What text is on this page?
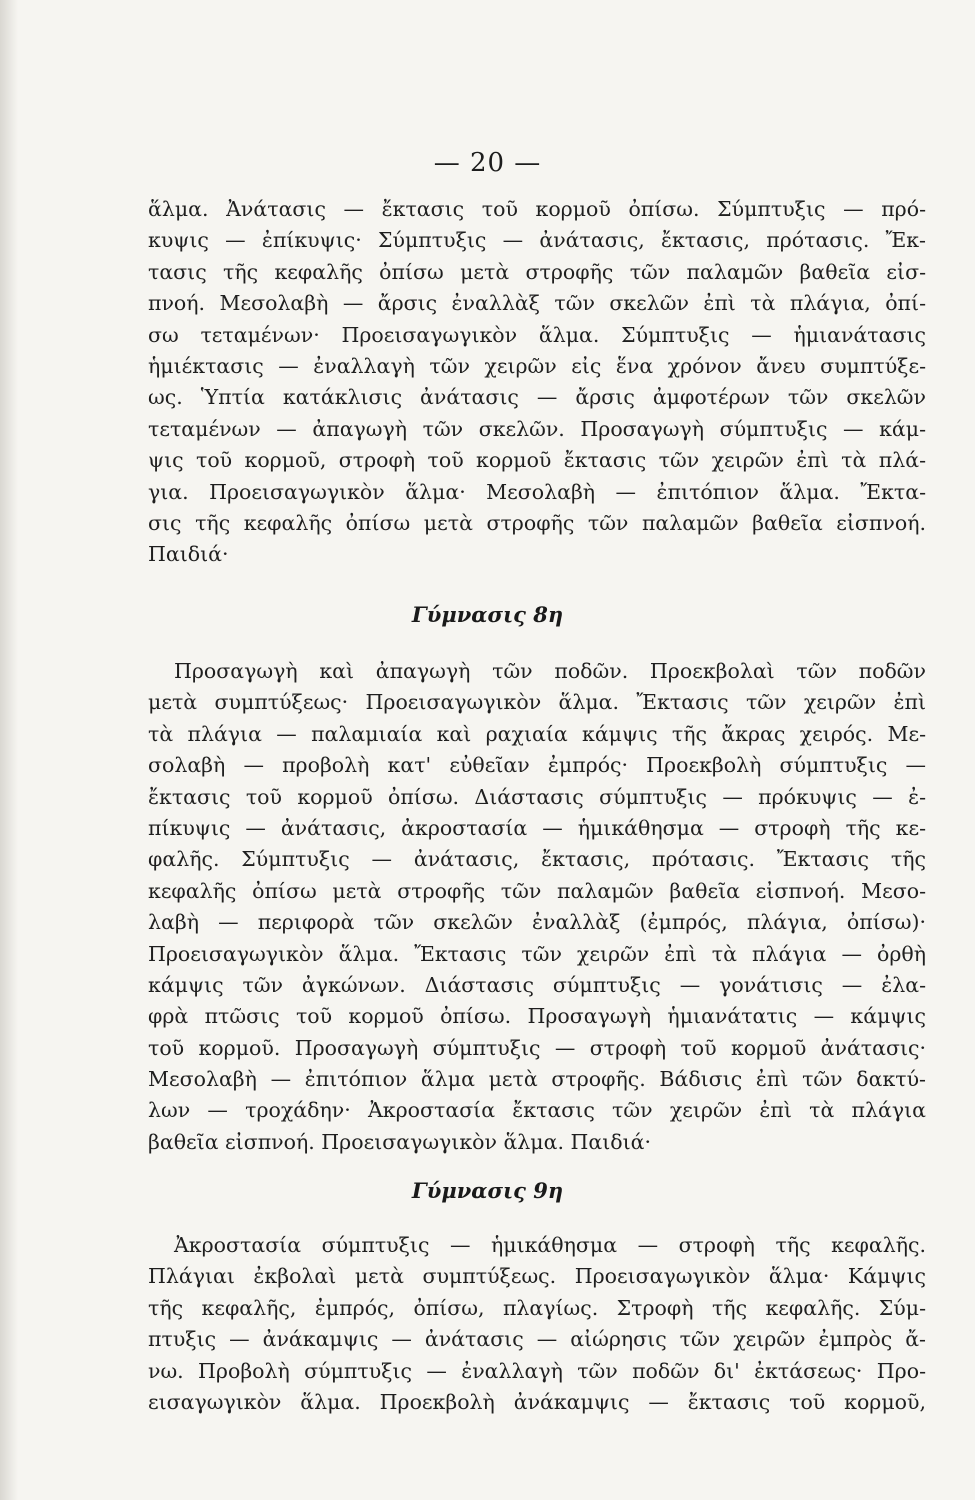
— 20 —
ἅλμα. Ἀνάτασις — ἔκτασις τοῦ κορμοῦ ὀπίσω. Σύμπτυξις — πρό-
κυψις — ἐπίκυψις· Σύμπτυξις — ἀνάτασις, ἔκτασις, πρότασις. Ἔκ-
τασις τῆς κεφαλῆς ὀπίσω μετὰ στροφῆς τῶν παλαμῶν βαθεῖα εἰσ-
πνοή. Μεσολαβὴ — ἄρσις ἐναλλὰξ τῶν σκελῶν ἐπὶ τὰ πλάγια, ὀπί-
σω τεταμένων· Προεισαγωγικὸν ἅλμα. Σύμπτυξις — ἡμιανάτασις
ἡμιέκτασις — ἐναλλαγὴ τῶν χειρῶν εἰς ἕνα χρόνον ἄνευ συμπτύξε-
ως. Ὑπτία κατάκλισις ἀνάτασις — ἄρσις ἀμφοτέρων τῶν σκελῶν
τεταμένων — ἀπαγωγὴ τῶν σκελῶν. Προσαγωγὴ σύμπτυξις — κάμ-
ψις τοῦ κορμοῦ, στροφὴ τοῦ κορμοῦ ἔκτασις τῶν χειρῶν ἐπὶ τὰ πλά-
για. Προεισαγωγικὸν ἅλμα· Μεσολαβὴ — ἐπιτόπιον ἅλμα. Ἔκτα-
σις τῆς κεφαλῆς ὀπίσω μετὰ στροφῆς τῶν παλαμῶν βαθεῖα εἰσπνοή.
Παιδιά·
Γύμνασις 8η
Προσαγωγὴ καὶ ἀπαγωγὴ τῶν ποδῶν. Προεκβολαὶ τῶν ποδῶν
μετὰ συμπτύξεως· Προεισαγωγικὸν ἅλμα. Ἔκτασις τῶν χειρῶν ἐπὶ
τὰ πλάγια — παλαμιαία καὶ ραχιαία κάμψις τῆς ἄκρας χειρός. Με-
σολαβὴ — προβολὴ κατ' εὐθεῖαν ἐμπρός· Προεκβολὴ σύμπτυξις —
ἔκτασις τοῦ κορμοῦ ὀπίσω. Διάστασις σύμπτυξις — πρόκυψις — ἐ-
πίκυψις — ἀνάτασις, ἀκροστασία — ἡμικάθησμα — στροφὴ τῆς κε-
φαλῆς. Σύμπτυξις — ἀνάτασις, ἔκτασις, πρότασις. Ἔκτασις τῆς
κεφαλῆς ὀπίσω μετὰ στροφῆς τῶν παλαμῶν βαθεῖα εἰσπνοή. Μεσο-
λαβὴ — περιφορὰ τῶν σκελῶν ἐναλλὰξ (ἐμπρός, πλάγια, ὀπίσω)·
Προεισαγωγικὸν ἅλμα. Ἔκτασις τῶν χειρῶν ἐπὶ τὰ πλάγια — ὀρθὴ
κάμψις τῶν ἀγκώνων. Διάστασις σύμπτυξις — γονάτισις — ἐλα-
φρὰ πτῶσις τοῦ κορμοῦ ὀπίσω. Προσαγωγὴ ἡμιανάτατις — κάμψις
τοῦ κορμοῦ. Προσαγωγὴ σύμπτυξις — στροφὴ τοῦ κορμοῦ ἀνάτασις·
Μεσολαβὴ — ἐπιτόπιον ἅλμα μετὰ στροφῆς. Βάδισις ἐπὶ τῶν δακτύ-
λων — τροχάδην· Ἀκροστασία ἔκτασις τῶν χειρῶν ἐπὶ τὰ πλάγια
βαθεῖα εἰσπνοή. Προεισαγωγικὸν ἅλμα. Παιδιά·
Γύμνασις 9η
Ἀκροστασία σύμπτυξις — ἡμικάθησμα — στροφὴ τῆς κεφαλῆς.
Πλάγιαι ἐκβολαὶ μετὰ συμπτύξεως. Προεισαγωγικὸν ἅλμα· Κάμψις
τῆς κεφαλῆς, ἐμπρός, ὀπίσω, πλαγίως. Στροφὴ τῆς κεφαλῆς. Σύμ-
πτυξις — ἀνάκαμψις — ἀνάτασις — αἰώρησις τῶν χειρῶν ἐμπρὸς ἄ-
νω. Προβολὴ σύμπτυξις — ἐναλλαγὴ τῶν ποδῶν δι' ἐκτάσεως· Προ-
εισαγωγικὸν ἅλμα. Προεκβολὴ ἀνάκαμψις — ἔκτασις τοῦ κορμοῦ,
